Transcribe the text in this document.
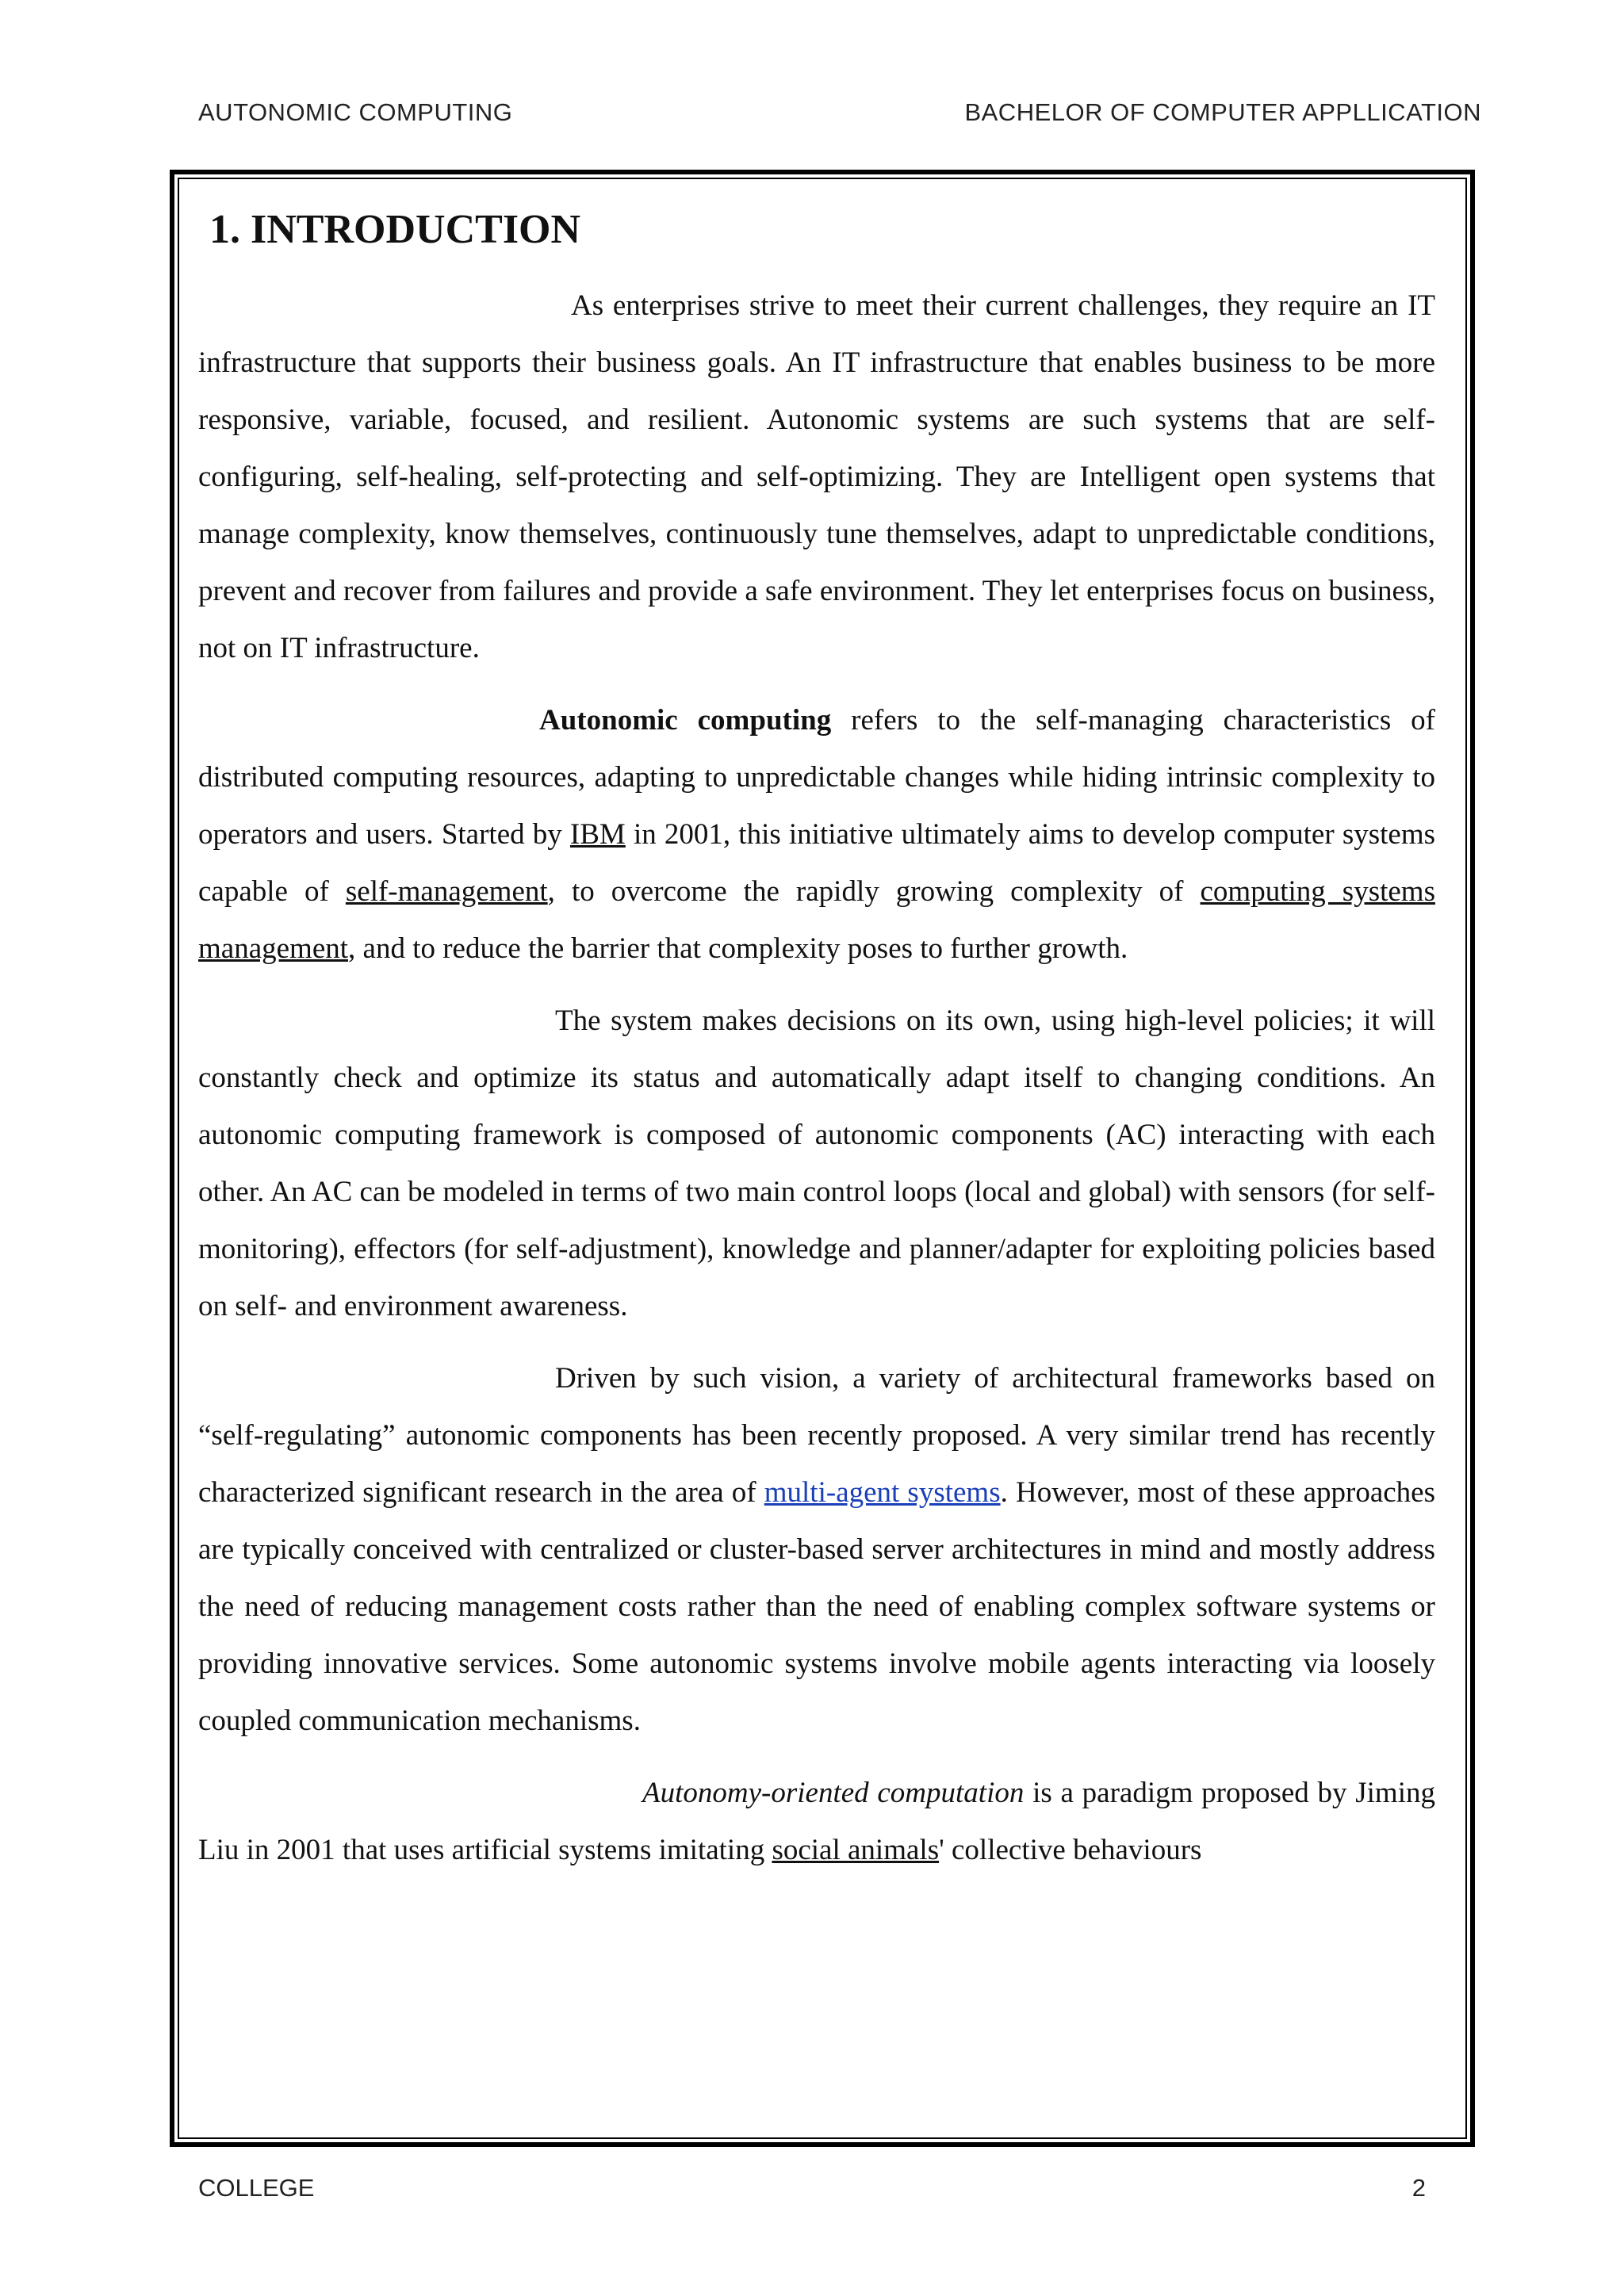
AUTONOMIC COMPUTING	BACHELOR OF COMPUTER APPLLICATION
1. INTRODUCTION

As enterprises strive to meet their current challenges, they require an IT infrastructure that supports their business goals. An IT infrastructure that enables business to be more responsive, variable, focused, and resilient. Autonomic systems are such systems that are self-configuring, self-healing, self-protecting and self-optimizing. They are Intelligent open systems that manage complexity, know themselves, continuously tune themselves, adapt to unpredictable conditions, prevent and recover from failures and provide a safe environment. They let enterprises focus on business, not on IT infrastructure.

Autonomic computing refers to the self-managing characteristics of distributed computing resources, adapting to unpredictable changes while hiding intrinsic complexity to operators and users. Started by IBM in 2001, this initiative ultimately aims to develop computer systems capable of self-management, to overcome the rapidly growing complexity of computing systems management, and to reduce the barrier that complexity poses to further growth.

The system makes decisions on its own, using high-level policies; it will constantly check and optimize its status and automatically adapt itself to changing conditions. An autonomic computing framework is composed of autonomic components (AC) interacting with each other. An AC can be modeled in terms of two main control loops (local and global) with sensors (for self-monitoring), effectors (for self-adjustment), knowledge and planner/adapter for exploiting policies based on self- and environment awareness.

Driven by such vision, a variety of architectural frameworks based on “self-regulating” autonomic components has been recently proposed. A very similar trend has recently characterized significant research in the area of multi-agent systems. However, most of these approaches are typically conceived with centralized or cluster-based server architectures in mind and mostly address the need of reducing management costs rather than the need of enabling complex software systems or providing innovative services. Some autonomic systems involve mobile agents interacting via loosely coupled communication mechanisms.

Autonomy-oriented computation is a paradigm proposed by Jiming Liu in 2001 that uses artificial systems imitating social animals' collective behaviours

COLLEGE	2
